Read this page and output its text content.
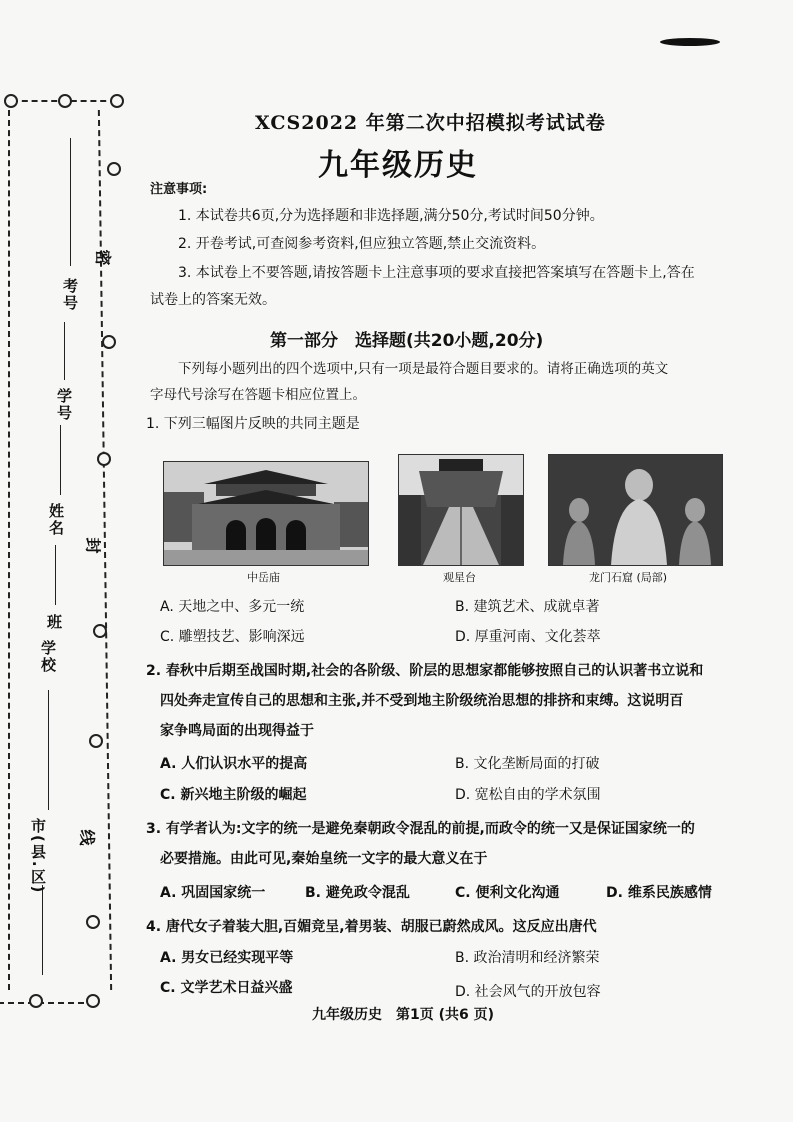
考号
学号
姓名
班
学校
市(县.区)
密
封
线
XCS2022 年第二次中招模拟考试试卷
九年级历史
注意事项:
1. 本试卷共6页,分为选择题和非选择题,满分50分,考试时间50分钟。
2. 开卷考试,可查阅参考资料,但应独立答题,禁止交流资料。
3. 本试卷上不要答题,请按答题卡上注意事项的要求直接把答案填写在答题卡上,答在
试卷上的答案无效。
第一部分　选择题(共20小题,20分)
下列每小题列出的四个选项中,只有一项是最符合题目要求的。请将正确选项的英文
字母代号涂写在答题卡相应位置上。
1. 下列三幅图片反映的共同主题是
中岳庙	观星台	龙门石窟 (局部)
A. 天地之中、多元一统	B. 建筑艺术、成就卓著
C. 雕塑技艺、影响深远	D. 厚重河南、文化荟萃
2. 春秋中后期至战国时期,社会的各阶级、阶层的思想家都能够按照自己的认识著书立说和
四处奔走宣传自己的思想和主张,并不受到地主阶级统治思想的排挤和束缚。这说明百
家争鸣局面的出现得益于
A. 人们认识水平的提高	B. 文化垄断局面的打破
C. 新兴地主阶级的崛起	D. 宽松自由的学术氛围
3. 有学者认为:文字的统一是避免秦朝政令混乱的前提,而政令的统一又是保证国家统一的
必要措施。由此可见,秦始皇统一文字的最大意义在于
A. 巩固国家统一	B. 避免政令混乱	C. 便利文化沟通	D. 维系民族感情
4. 唐代女子着装大胆,百媚竞呈,着男装、胡服已蔚然成风。这反应出唐代
A. 男女已经实现平等	B. 政治清明和经济繁荣
C. 文学艺术日益兴盛	D. 社会风气的开放包容
九年级历史　第1页 (共6 页)
